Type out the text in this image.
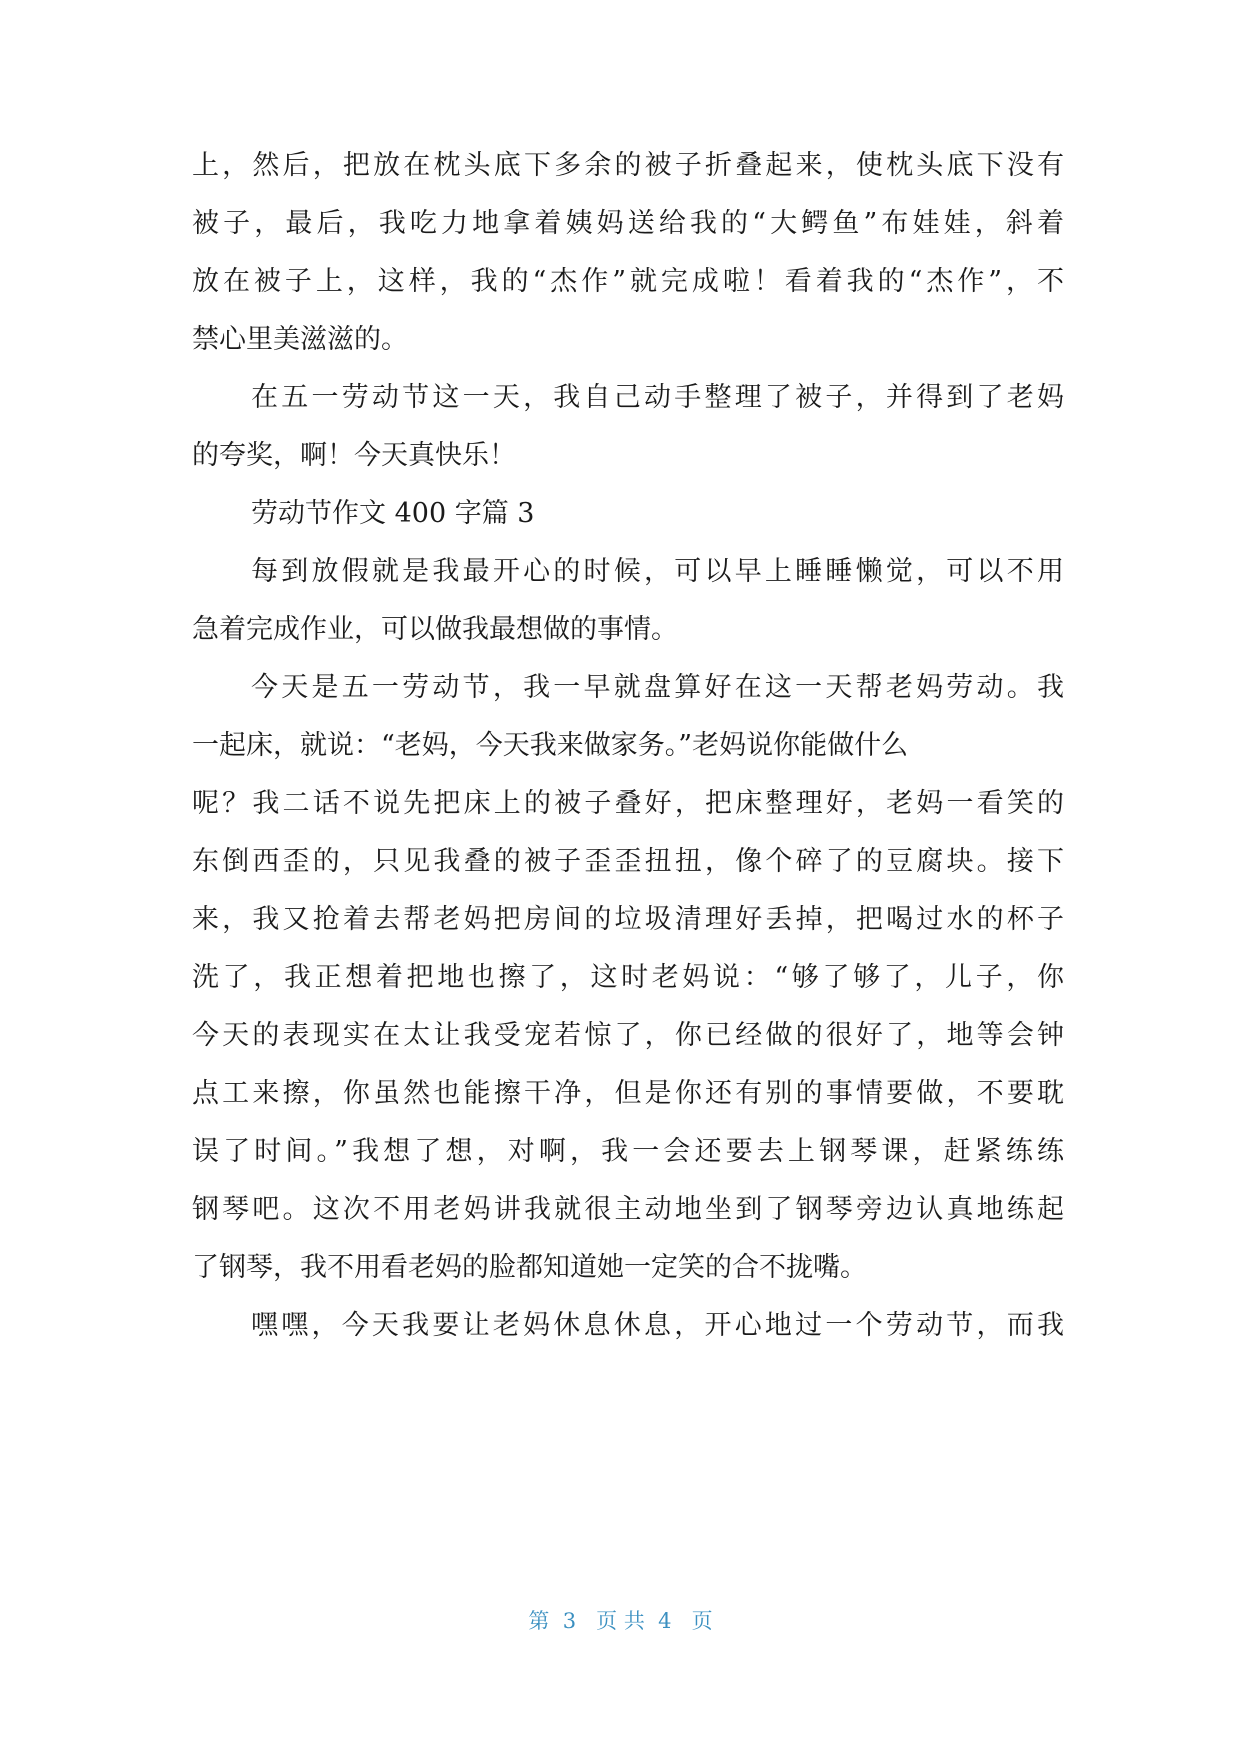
上，然后，把放在枕头底下多余的被子折叠起来，使枕头底下没有
被子，最后，我吃力地拿着姨妈送给我的“大鳄鱼”布娃娃，斜着
放在被子上，这样，我的“杰作”就完成啦！看着我的“杰作”，不
禁心里美滋滋的。
在五一劳动节这一天，我自己动手整理了被子，并得到了老妈
的夸奖，啊！今天真快乐！
劳动节作文 400 字篇 3
每到放假就是我最开心的时候，可以早上睡睡懒觉，可以不用
急着完成作业，可以做我最想做的事情。
今天是五一劳动节，我一早就盘算好在这一天帮老妈劳动。我
一起床，就说：“老妈，今天我来做家务。”老妈说你能做什么
呢？我二话不说先把床上的被子叠好，把床整理好，老妈一看笑的
东倒西歪的，只见我叠的被子歪歪扭扭，像个碎了的豆腐块。接下
来，我又抢着去帮老妈把房间的垃圾清理好丢掉，把喝过水的杯子
洗了，我正想着把地也擦了，这时老妈说：“够了够了，儿子，你
今天的表现实在太让我受宠若惊了，你已经做的很好了，地等会钟
点工来擦，你虽然也能擦干净，但是你还有别的事情要做，不要耽
误了时间。”我想了想，对啊，我一会还要去上钢琴课，赶紧练练
钢琴吧。这次不用老妈讲我就很主动地坐到了钢琴旁边认真地练起
了钢琴，我不用看老妈的脸都知道她一定笑的合不拢嘴。
嘿嘿，今天我要让老妈休息休息，开心地过一个劳动节，而我
第  3   页 共  4   页
